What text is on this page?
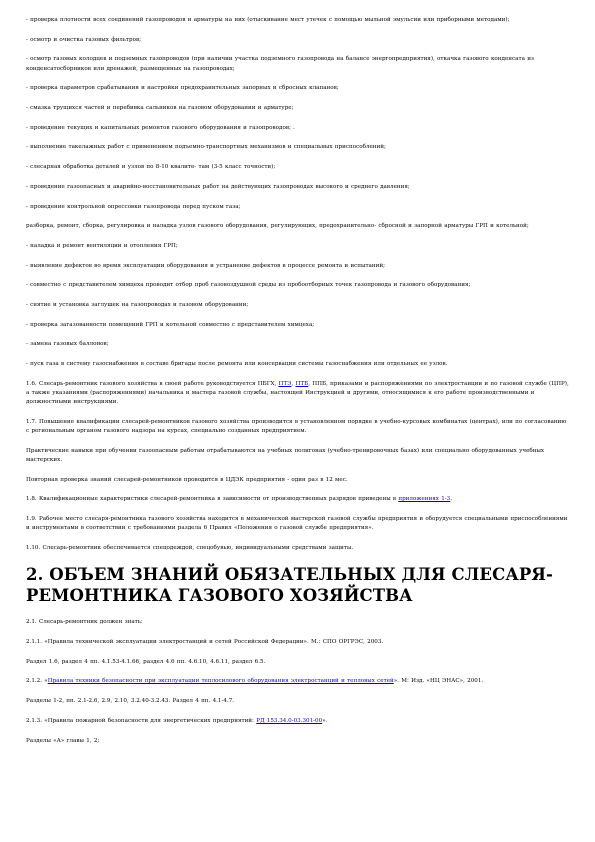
- проверка плотности всех соединений газопроводов и арматуры на них (отыскивание мест утечек с помощью мыльной эмульсии или приборными методами);

- осмотр и очистка газовых фильтров;

- осмотр газовых колодцев и подземных газопроводов (при наличии участка подземного газопровода на балансе энергопредприятия), откачка газового конденсата из конденсатосборников или дренажей, размещенных на газопроводах;

- проверка параметров срабатывания и настройки предохранительных запорных и сбросных клапанов;

- смазка трущихся частей и перебивка сальников на газовом оборудовании и арматуре;

- проведение текущих и капитальных ремонтов газового оборудования и газопроводов; .

- выполнение такелажных работ с применением подъемно-транспортных механизмов и специальных приспособлений;

- слесарная обработка деталей и узлов по 8-10 квалите- там (3-5 класс точности);

- проведение газоопасных и аварийно-восстановительных работ на действующих газопроводах высокого и среднего давления;

- проведение контрольной опрессовки газопровода перед пуском газа;

разборка, ремонт, сборка, регулировка и наладка узлов газового оборудования, регулирующих, предохранительно- сбросной и запорной арматуры ГРП и котельной;

- наладка и ремонт вентиляции и отопления ГРП;

- выявление дефектов во время эксплуатации оборудования и устранение дефектов в процессе ремонта и испытаний;

- совместно с представителем химцеха проводит отбор проб газовоздушной среды из пробоотборных точек газопровода и газового оборудования;

- снятие и установка заглушек на газопроводах и газовом оборудовании;

- проверка загазованности помещений ГРП и котельной совместно с представителем химцеха;

- замена газовых баллонов;

- пуск газа в систему газоснабжения в составе бригады после ремонта или консервации системы газоснабжения или отдельных ее узлов.

1.6. Слесарь-ремонтник газового хозяйства в своей работе руководствуется ПБГХ, ПТЭ, ПТБ, ППБ, приказами и распоряжениями по электростанции и по газовой службе (ЦПР), а также указаниями (распоряжениями) начальника и мастера газовой службы, настоящей Инструкцией и другими, относящимися к его работе производственными и должностными инструкциями.

1.7. Повышение квалификации слесарей-ремонтников газового хозяйства производится в установленном порядке в учебно-курсовых комбинатах (центрах), или по согласованию с региональным органом газового надзора на курсах, специально созданных предприятием.

Практические навыки при обучении газоопасным работам отрабатываются на учебных полигонах (учебно-тренировочных базах) или специально оборудованных учебных мастерских.

Повторная проверка знаний слесарей-ремонтников проводится в ЦДЭК предприятия - один раз в 12 мес.

1.8. Квалификационные характеристики слесарей-ремонтника в зависимости от производственных разрядов приведены в приложениях 1-3.

1.9. Рабочее место слесаря-ремонтника газового хозяйства находится в механической мастерской газовой службы предприятия и оборудуется специальными приспособлениями и инструментами в соответствии с требованиями раздела 6 Правил «Положения о газовой службе предприятия».

1.10. Слесарь-ремонтник обеспечивается спецодеждой, спецобувью, индивидуальными средствами защиты.

2. ОБЪЕМ ЗНАНИЙ ОБЯЗАТЕЛЬНЫХ ДЛЯ СЛЕСАРЯ-РЕМОНТНИКА ГАЗОВОГО ХОЗЯЙСТВА

2.1. Слесарь-ремонтник должен знать:

2.1.1. «Правила технической эксплуатации электростанций и сетей Российской Федерации». М.: СПО ОРГРЭС, 2003.

Раздел 1.6, раздел 4 пп. 4.1.53-4.1.66, раздел 4.6 пп. 4.6.10, 4.6.11, раздел 6.5.

2.1.2. «Правила техники безопасности при эксплуатации теплосилового оборудования электростанций и тепловых сетей». М: Изд. «НЦ ЭНАС», 2001.

Разделы 1-2, пп. 2.1-2.6, 2.9, 2.10, 3.2.40-3.2.43. Раздел 4 пп. 4.1-4.7.

2.1.3. «Правила пожарной безопасности для энергетических предприятий: РД 153.34.0-03.301-00».

Разделы «А» главы 1, 2;
